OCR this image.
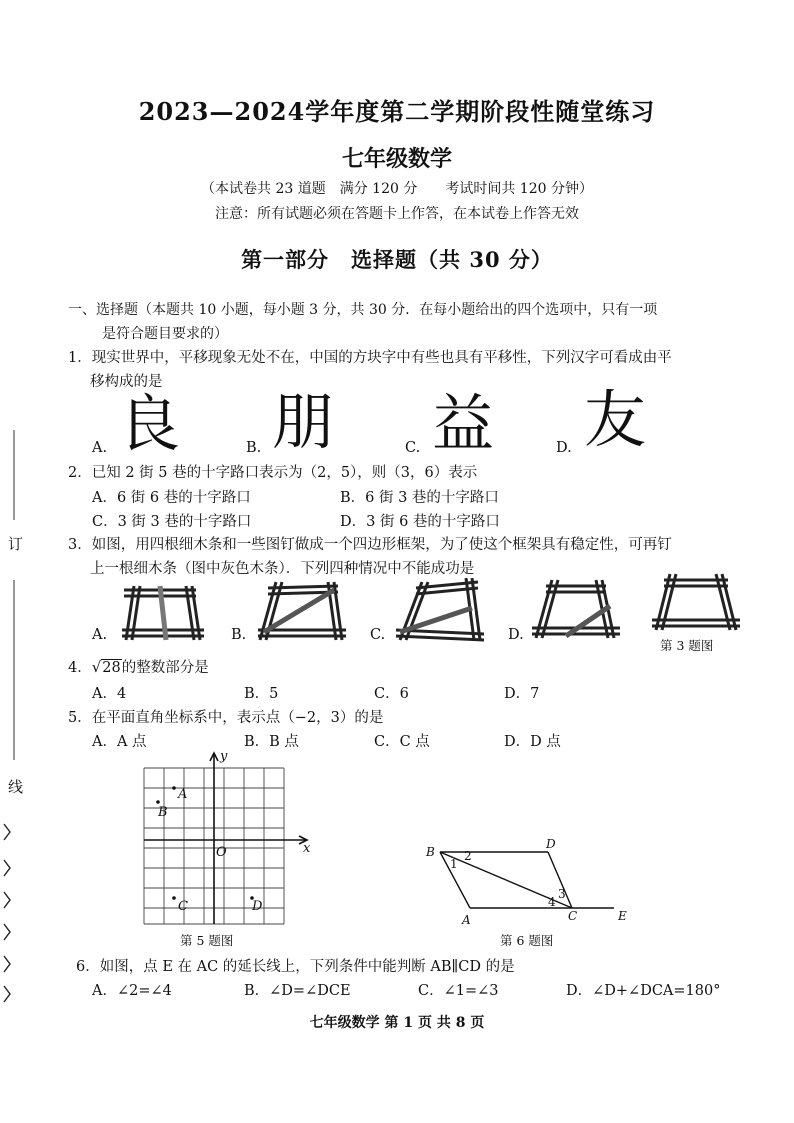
2023—2024学年度第二学期阶段性随堂练习
七年级数学
（本试卷共 23 道题　满分 120 分　　考试时间共 120 分钟）
注意：所有试题必须在答题卡上作答，在本试卷上作答无效
第一部分　选择题（共 30 分）
订
线
一、选择题（本题共 10 小题，每小题 3 分，共 30 分．在每小题给出的四个选项中，只有一项
是符合题目要求的）
1．现实世界中，平移现象无处不在，中国的方块字中有些也具有平移性，下列汉字可看成由平
移构成的是
A. 良	B. 朋	C. 益	D. 友
2．已知 2 街 5 巷的十字路口表示为（2，5），则（3，6）表示
A．6 街 6 巷的十字路口	B．6 街 3 巷的十字路口
C．3 街 3 巷的十字路口	D．3 街 6 巷的十字路口
3．如图，用四根细木条和一些图钉做成一个四边形框架，为了使这个框架具有稳定性，可再钉
上一根细木条（图中灰色木条）．下列四种情况中不能成功是
A.	B.	C.	D.
第 3 题图
4．√28的整数部分是
A．4	B．5	C．6	D．7
5．在平面直角坐标系中，表示点（−2，3）的是
A．A 点	B．B 点	C．C 点	D．D 点
A
B
C	D
O	x
y
第 5 题图
B
D
A	C	E
1
2
3
4
第 6 题图
6．如图，点 E 在 AC 的延长线上，下列条件中能判断 AB∥CD 的是
A．∠2=∠4	B．∠D=∠DCE	C．∠1=∠3	D．∠D+∠DCA=180°
七年级数学 第 1 页 共 8 页
